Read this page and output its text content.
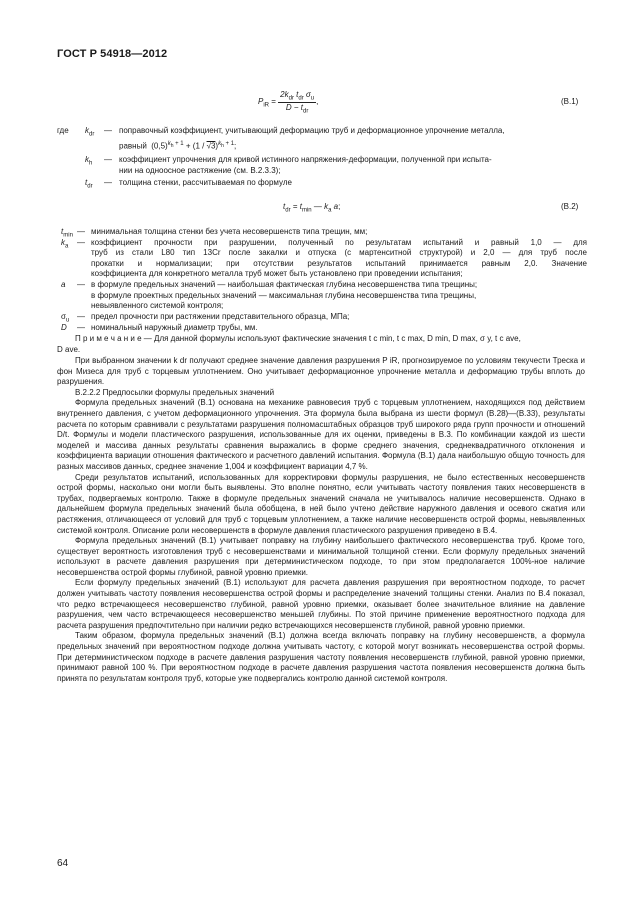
ГОСТ Р 54918—2012
$P_{iR} = \frac{2k_{dr} t_{dr} \sigma_u}{D - t_{dr}}$ ,	(B.1)
где $k_{dr}$	— поправочный коэффициент, учитывающий деформацию труб и деформационное упрочнение металла,
равный  $(0,5)^{k_h + 1} + (1 / √3)^{k_h + 1}$;
$k_h$ — коэффициент упрочнения для кривой истинного напряжения-деформации, полученной при испыта-
нии на одноосное растяжение (см. В.2.3.3);
$t_{dr}$ — толщина стенки, рассчитываемая по формуле
$t_{dr} = t_{min}$ — $k_a$ a;	(B.2)
$t_{min}$ — минимальная толщина стенки без учета несовершенств типа трещин, мм;
$k_a$ — коэффициент прочности при разрушении, полученный по результатам испытаний и равный 1,0 — для
труб из стали L80 тип 13Cr после закалки и отпуска (с мартенситной структурой) и 2,0 — для труб после
прокатки и нормализации; при отсутствии результатов испытаний принимается равным 2,0. Значение
коэффициента для конкретного металла труб может быть установлено при проведении испытания;
a — в формуле предельных значений — наибольшая фактическая глубина несовершенства типа трещины;
в формуле проектных предельных значений — максимальная глубина несовершенства типа трещины,
невыявленного системой контроля;
$\sigma_u$ — предел прочности при растяжении представительного образца, МПа;
D — номинальный наружный диаметр трубы, мм.
П р и м е ч а н и е — Для данной формулы используют фактические значения t c min, t c max, D min, D max, σ y, t c ave,
D ave.

При выбранном значении k dr получают среднее значение давления разрушения P iR, прогнозируемое по условиям текучести Треска и фон Мизеса для труб с торцевым уплотнением. Оно учитывает деформационное упрочнение металла и деформацию трубы вплоть до разрушения.

В.2.2.2 Предпосылки формулы предельных значений

Формула предельных значений (В.1) основана на механике равновесия труб с торцевым уплотнением, находящихся под действием внутреннего давления, с учетом деформационного упрочнения. Эта формула была выбрана из шести формул (В.28)—(В.33), результаты расчета по которым сравнивали с результатами разрушения полномасштабных образцов труб широкого ряда групп прочности и отношений D/t. Формулы и модели пластического разрушения, использованные для их оценки, приведены в В.3. По комбинации каждой из шести моделей и массива данных результаты сравнения выражались в форме среднего значения, среднеквадратичного отклонения и коэффициента вариации отношения фактического и расчетного давлений испытания. Формула (В.1) дала наибольшую общую точность для разных массивов данных, среднее значение 1,004 и коэффициент вариации 4,7 %.

Среди результатов испытаний, использованных для корректировки формулы разрушения, не было естественных несовершенств острой формы, насколько они могли быть выявлены. Это вполне понятно, если учитывать частоту появления таких несовершенств в трубах, подвергаемых контролю. Также в формуле предельных значений сначала не учитывалось наличие несовершенств. Однако в дальнейшем формула предельных значений была обобщена, в ней было учтено действие наружного давления и осевого сжатия или растяжения, отличающееся от условий для труб с торцевым уплотнением, а также наличие несовершенств острой формы, невыявленных системой контроля. Описание роли несовершенств в формуле давления пластического разрушения приведено в В.4.

Формула предельных значений (В.1) учитывает поправку на глубину наибольшего фактического несовершенства труб. Кроме того, существует вероятность изготовления труб с несовершенствами и минимальной толщиной стенки. Если формулу предельных значений используют в расчете давления разрушения при детерминистическом подходе, то при этом предполагается 100%-ное наличие несовершенства острой формы глубиной, равной уровню приемки.

Если формулу предельных значений (В.1) используют для расчета давления разрушения при вероятностном подходе, то расчет должен учитывать частоту появления несовершенства острой формы и распределение значений толщины стенки. Анализ по В.4 показал, что редко встречающееся несовершенство глубиной, равной уровню приемки, оказывает более значительное влияние на давление разрушения, чем часто встречающееся несовершенство меньшей глубины. По этой причине применение вероятностного подхода для расчета разрушения предпочтительно при наличии редко встречающихся несовершенств глубиной, равной уровню приемки.

Таким образом, формула предельных значений (В.1) должна всегда включать поправку на глубину несовершенств, а формула предельных значений при вероятностном подходе должна учитывать частоту, с которой могут возникать несовершенства острой формы. При детерминистическом подходе в расчете давления разрушения частоту появления несовершенств глубиной, равной уровню приемки, принимают равной 100 %. При вероятностном подходе в расчете давления разрушения частота появления несовершенств должна быть принята по результатам контроля труб, которые уже подвергались контролю данной системой контроля.

64
